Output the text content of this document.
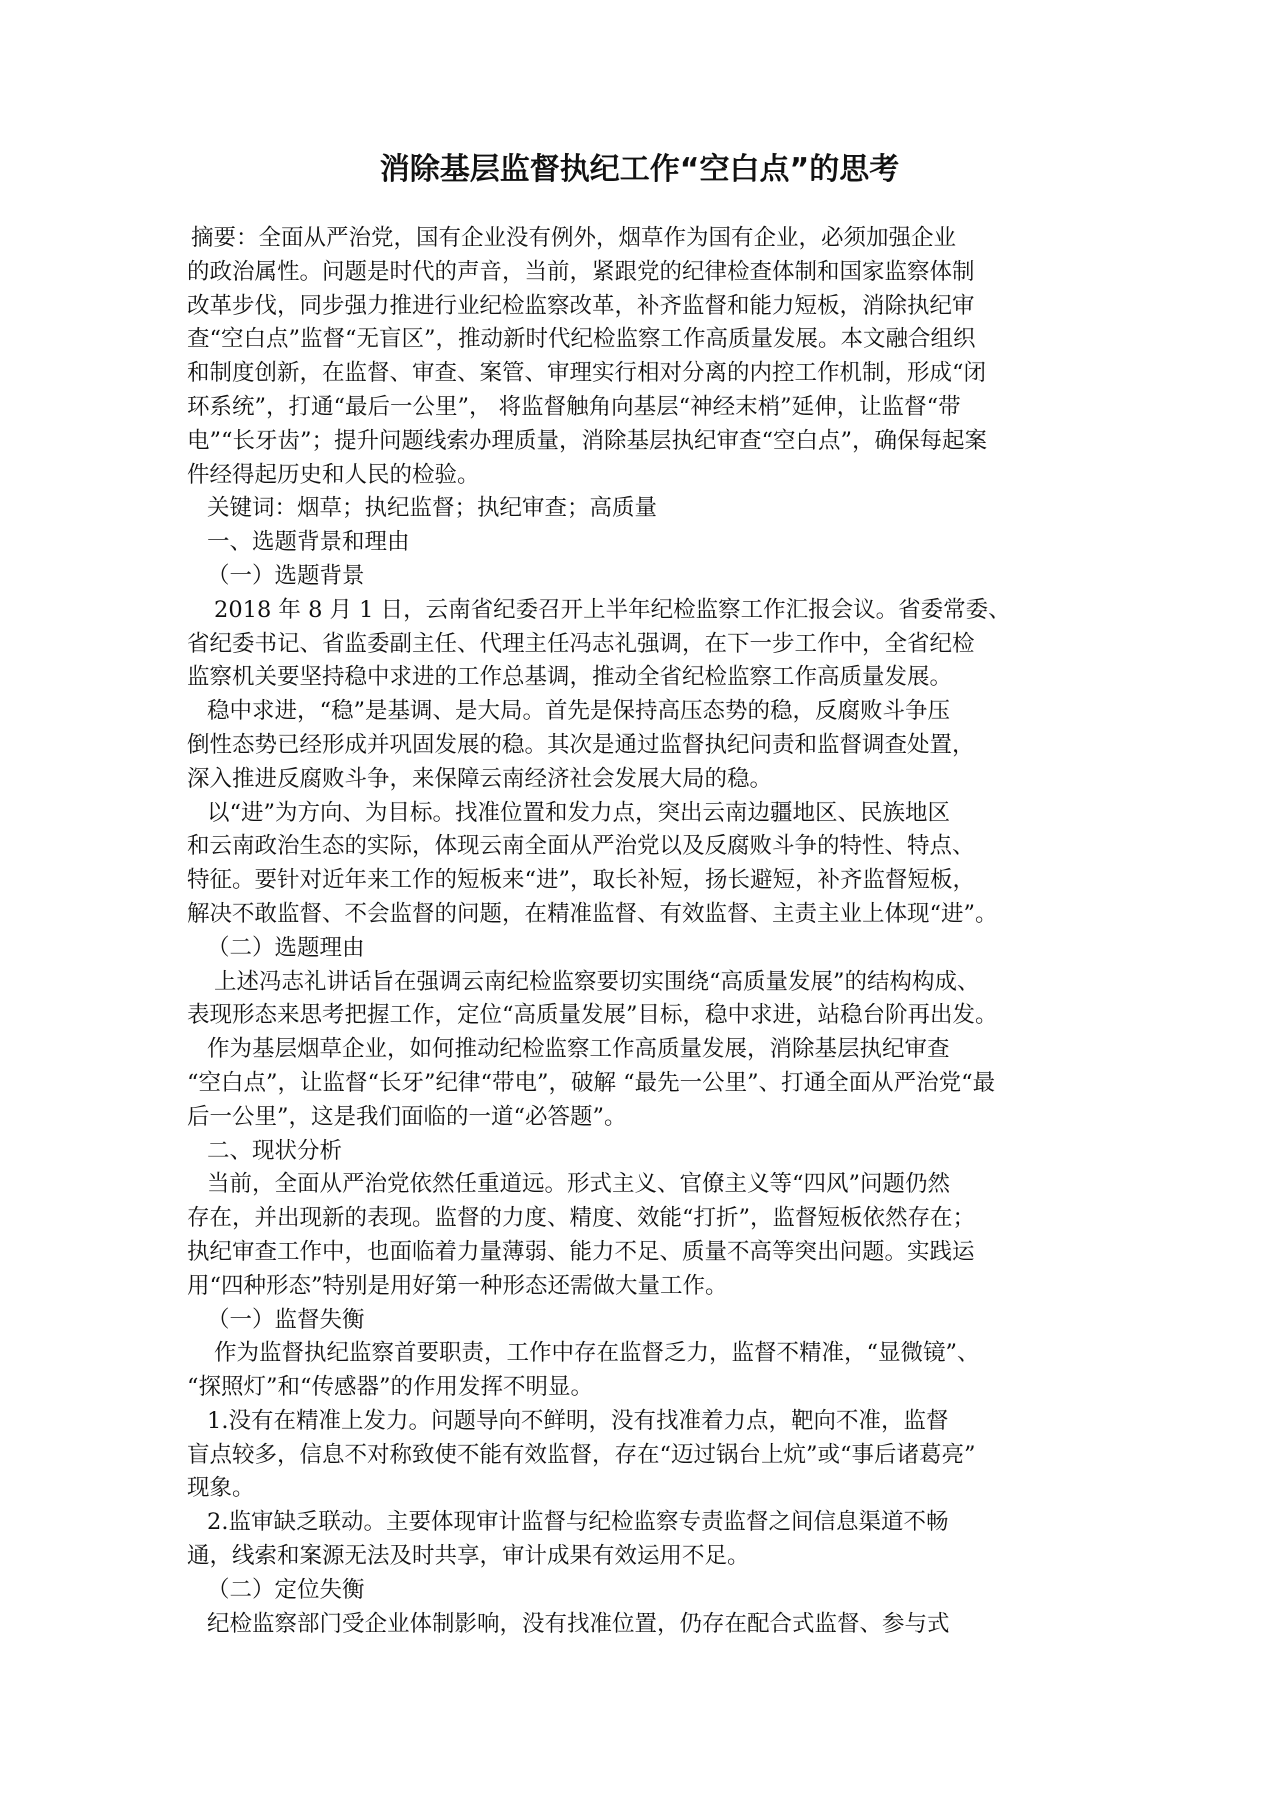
消除基层监督执纪工作“空白点”的思考
摘要：全面从严治党，国有企业没有例外，烟草作为国有企业，必须加强企业
的政治属性。问题是时代的声音，当前，紧跟党的纪律检查体制和国家监察体制
改革步伐，同步强力推进行业纪检监察改革，补齐监督和能力短板，消除执纪审
查“空白点”监督“无盲区”，推动新时代纪检监察工作高质量发展。本文融合组织
和制度创新，在监督、审查、案管、审理实行相对分离的内控工作机制，形成“闭
环系统”，打通“最后一公里”， 将监督触角向基层“神经末梢”延伸，让监督“带
电”“长牙齿”；提升问题线索办理质量，消除基层执纪审查“空白点”，确保每起案
件经得起历史和人民的检验。
关键词：烟草；执纪监督；执纪审查；高质量
一、选题背景和理由
（一）选题背景
2018 年 8 月 1 日，云南省纪委召开上半年纪检监察工作汇报会议。省委常委、
省纪委书记、省监委副主任、代理主任冯志礼强调，在下一步工作中，全省纪检
监察机关要坚持稳中求进的工作总基调，推动全省纪检监察工作高质量发展。
稳中求进，“稳”是基调、是大局。首先是保持高压态势的稳，反腐败斗争压
倒性态势已经形成并巩固发展的稳。其次是通过监督执纪问责和监督调查处置，
深入推进反腐败斗争，来保障云南经济社会发展大局的稳。
以“进”为方向、为目标。找准位置和发力点，突出云南边疆地区、民族地区
和云南政治生态的实际，体现云南全面从严治党以及反腐败斗争的特性、特点、
特征。要针对近年来工作的短板来“进”，取长补短，扬长避短，补齐监督短板，
解决不敢监督、不会监督的问题，在精准监督、有效监督、主责主业上体现“进”。
（二）选题理由
上述冯志礼讲话旨在强调云南纪检监察要切实围绕“高质量发展”的结构构成、
表现形态来思考把握工作，定位“高质量发展”目标，稳中求进，站稳台阶再出发。
作为基层烟草企业，如何推动纪检监察工作高质量发展，消除基层执纪审查
“空白点”，让监督“长牙”纪律“带电”，破解 “最先一公里”、打通全面从严治党“最
后一公里”，这是我们面临的一道“必答题”。
二、现状分析
当前，全面从严治党依然任重道远。形式主义、官僚主义等“四风”问题仍然
存在，并出现新的表现。监督的力度、精度、效能“打折”，监督短板依然存在；
执纪审查工作中，也面临着力量薄弱、能力不足、质量不高等突出问题。实践运
用“四种形态”特别是用好第一种形态还需做大量工作。
（一）监督失衡
作为监督执纪监察首要职责，工作中存在监督乏力，监督不精准，“显微镜”、
“探照灯”和“传感器”的作用发挥不明显。
1.没有在精准上发力。问题导向不鲜明，没有找准着力点，靶向不准，监督
盲点较多，信息不对称致使不能有效监督，存在“迈过锅台上炕”或“事后诸葛亮”
现象。
2.监审缺乏联动。主要体现审计监督与纪检监察专责监督之间信息渠道不畅
通，线索和案源无法及时共享，审计成果有效运用不足。
（二）定位失衡
纪检监察部门受企业体制影响，没有找准位置，仍存在配合式监督、参与式
